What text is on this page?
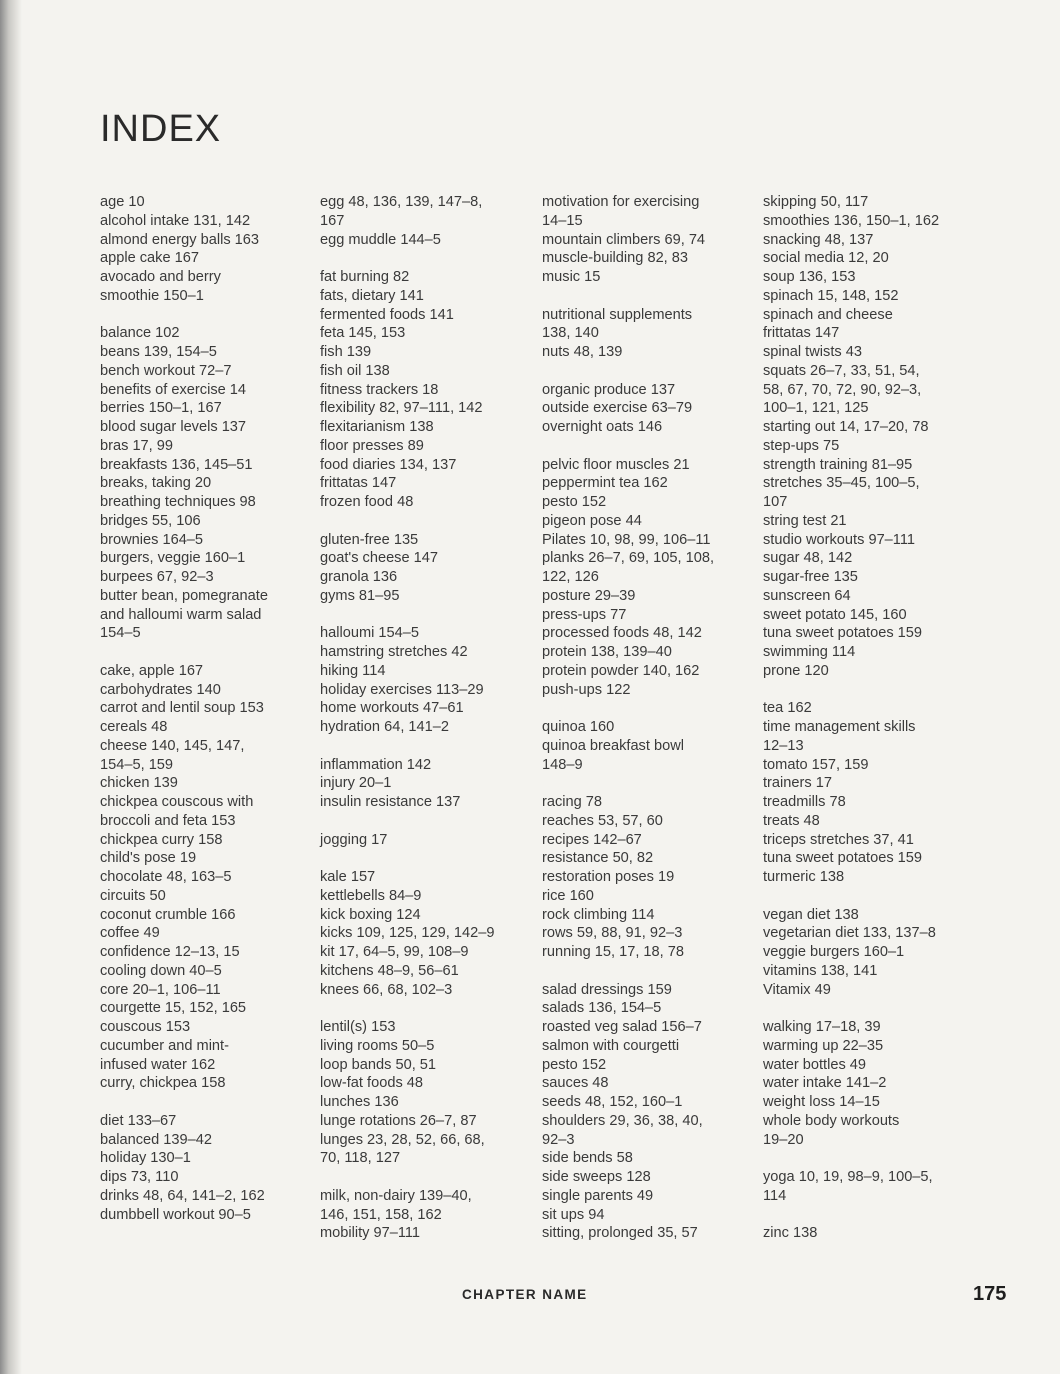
INDEX
age 10
alcohol intake 131, 142
almond energy balls 163
apple cake 167
avocado and berry
smoothie 150–1
balance 102
beans 139, 154–5
bench workout 72–7
benefits of exercise 14
berries 150–1, 167
blood sugar levels 137
bras 17, 99
breakfasts 136, 145–51
breaks, taking 20
breathing techniques 98
bridges 55, 106
brownies 164–5
burgers, veggie 160–1
burpees 67, 92–3
butter bean, pomegranate
and halloumi warm salad
154–5
cake, apple 167
carbohydrates 140
carrot and lentil soup 153
cereals 48
cheese 140, 145, 147,
154–5, 159
chicken 139
chickpea couscous with
broccoli and feta 153
chickpea curry 158
child's pose 19
chocolate 48, 163–5
circuits 50
coconut crumble 166
coffee 49
confidence 12–13, 15
cooling down 40–5
core 20–1, 106–11
courgette 15, 152, 165
couscous 153
cucumber and mint-
infused water 162
curry, chickpea 158
diet 133–67
balanced 139–42
holiday 130–1
dips 73, 110
drinks 48, 64, 141–2, 162
dumbbell workout 90–5
egg 48, 136, 139, 147–8,
167
egg muddle 144–5
fat burning 82
fats, dietary 141
fermented foods 141
feta 145, 153
fish 139
fish oil 138
fitness trackers 18
flexibility 82, 97–111, 142
flexitarianism 138
floor presses 89
food diaries 134, 137
frittatas 147
frozen food 48
gluten-free 135
goat's cheese 147
granola 136
gyms 81–95
halloumi 154–5
hamstring stretches 42
hiking 114
holiday exercises 113–29
home workouts 47–61
hydration 64, 141–2
inflammation 142
injury 20–1
insulin resistance 137
jogging 17
kale 157
kettlebells 84–9
kick boxing 124
kicks 109, 125, 129, 142–9
kit 17, 64–5, 99, 108–9
kitchens 48–9, 56–61
knees 66, 68, 102–3
lentil(s) 153
living rooms 50–5
loop bands 50, 51
low-fat foods 48
lunches 136
lunge rotations 26–7, 87
lunges 23, 28, 52, 66, 68,
70, 118, 127
milk, non-dairy 139–40,
146, 151, 158, 162
mobility 97–111
motivation for exercising
14–15
mountain climbers 69, 74
muscle-building 82, 83
music 15
nutritional supplements
138, 140
nuts 48, 139
organic produce 137
outside exercise 63–79
overnight oats 146
pelvic floor muscles 21
peppermint tea 162
pesto 152
pigeon pose 44
Pilates 10, 98, 99, 106–11
planks 26–7, 69, 105, 108,
122, 126
posture 29–39
press-ups 77
processed foods 48, 142
protein 138, 139–40
protein powder 140, 162
push-ups 122
quinoa 160
quinoa breakfast bowl
148–9
racing 78
reaches 53, 57, 60
recipes 142–67
resistance 50, 82
restoration poses 19
rice 160
rock climbing 114
rows 59, 88, 91, 92–3
running 15, 17, 18, 78
salad dressings 159
salads 136, 154–5
roasted veg salad 156–7
salmon with courgetti
pesto 152
sauces 48
seeds 48, 152, 160–1
shoulders 29, 36, 38, 40,
92–3
side bends 58
side sweeps 128
single parents 49
sit ups 94
sitting, prolonged 35, 57
skipping 50, 117
smoothies 136, 150–1, 162
snacking 48, 137
social media 12, 20
soup 136, 153
spinach 15, 148, 152
spinach and cheese
frittatas 147
spinal twists 43
squats 26–7, 33, 51, 54,
58, 67, 70, 72, 90, 92–3,
100–1, 121, 125
starting out 14, 17–20, 78
step-ups 75
strength training 81–95
stretches 35–45, 100–5,
107
string test 21
studio workouts 97–111
sugar 48, 142
sugar-free 135
sunscreen 64
sweet potato 145, 160
tuna sweet potatoes 159
swimming 114
prone 120
tea 162
time management skills
12–13
tomato 157, 159
trainers 17
treadmills 78
treats 48
triceps stretches 37, 41
tuna sweet potatoes 159
turmeric 138
vegan diet 138
vegetarian diet 133, 137–8
veggie burgers 160–1
vitamins 138, 141
Vitamix 49
walking 17–18, 39
warming up 22–35
water bottles 49
water intake 141–2
weight loss 14–15
whole body workouts
19–20
yoga 10, 19, 98–9, 100–5,
114
zinc 138
CHAPTER NAME	175
